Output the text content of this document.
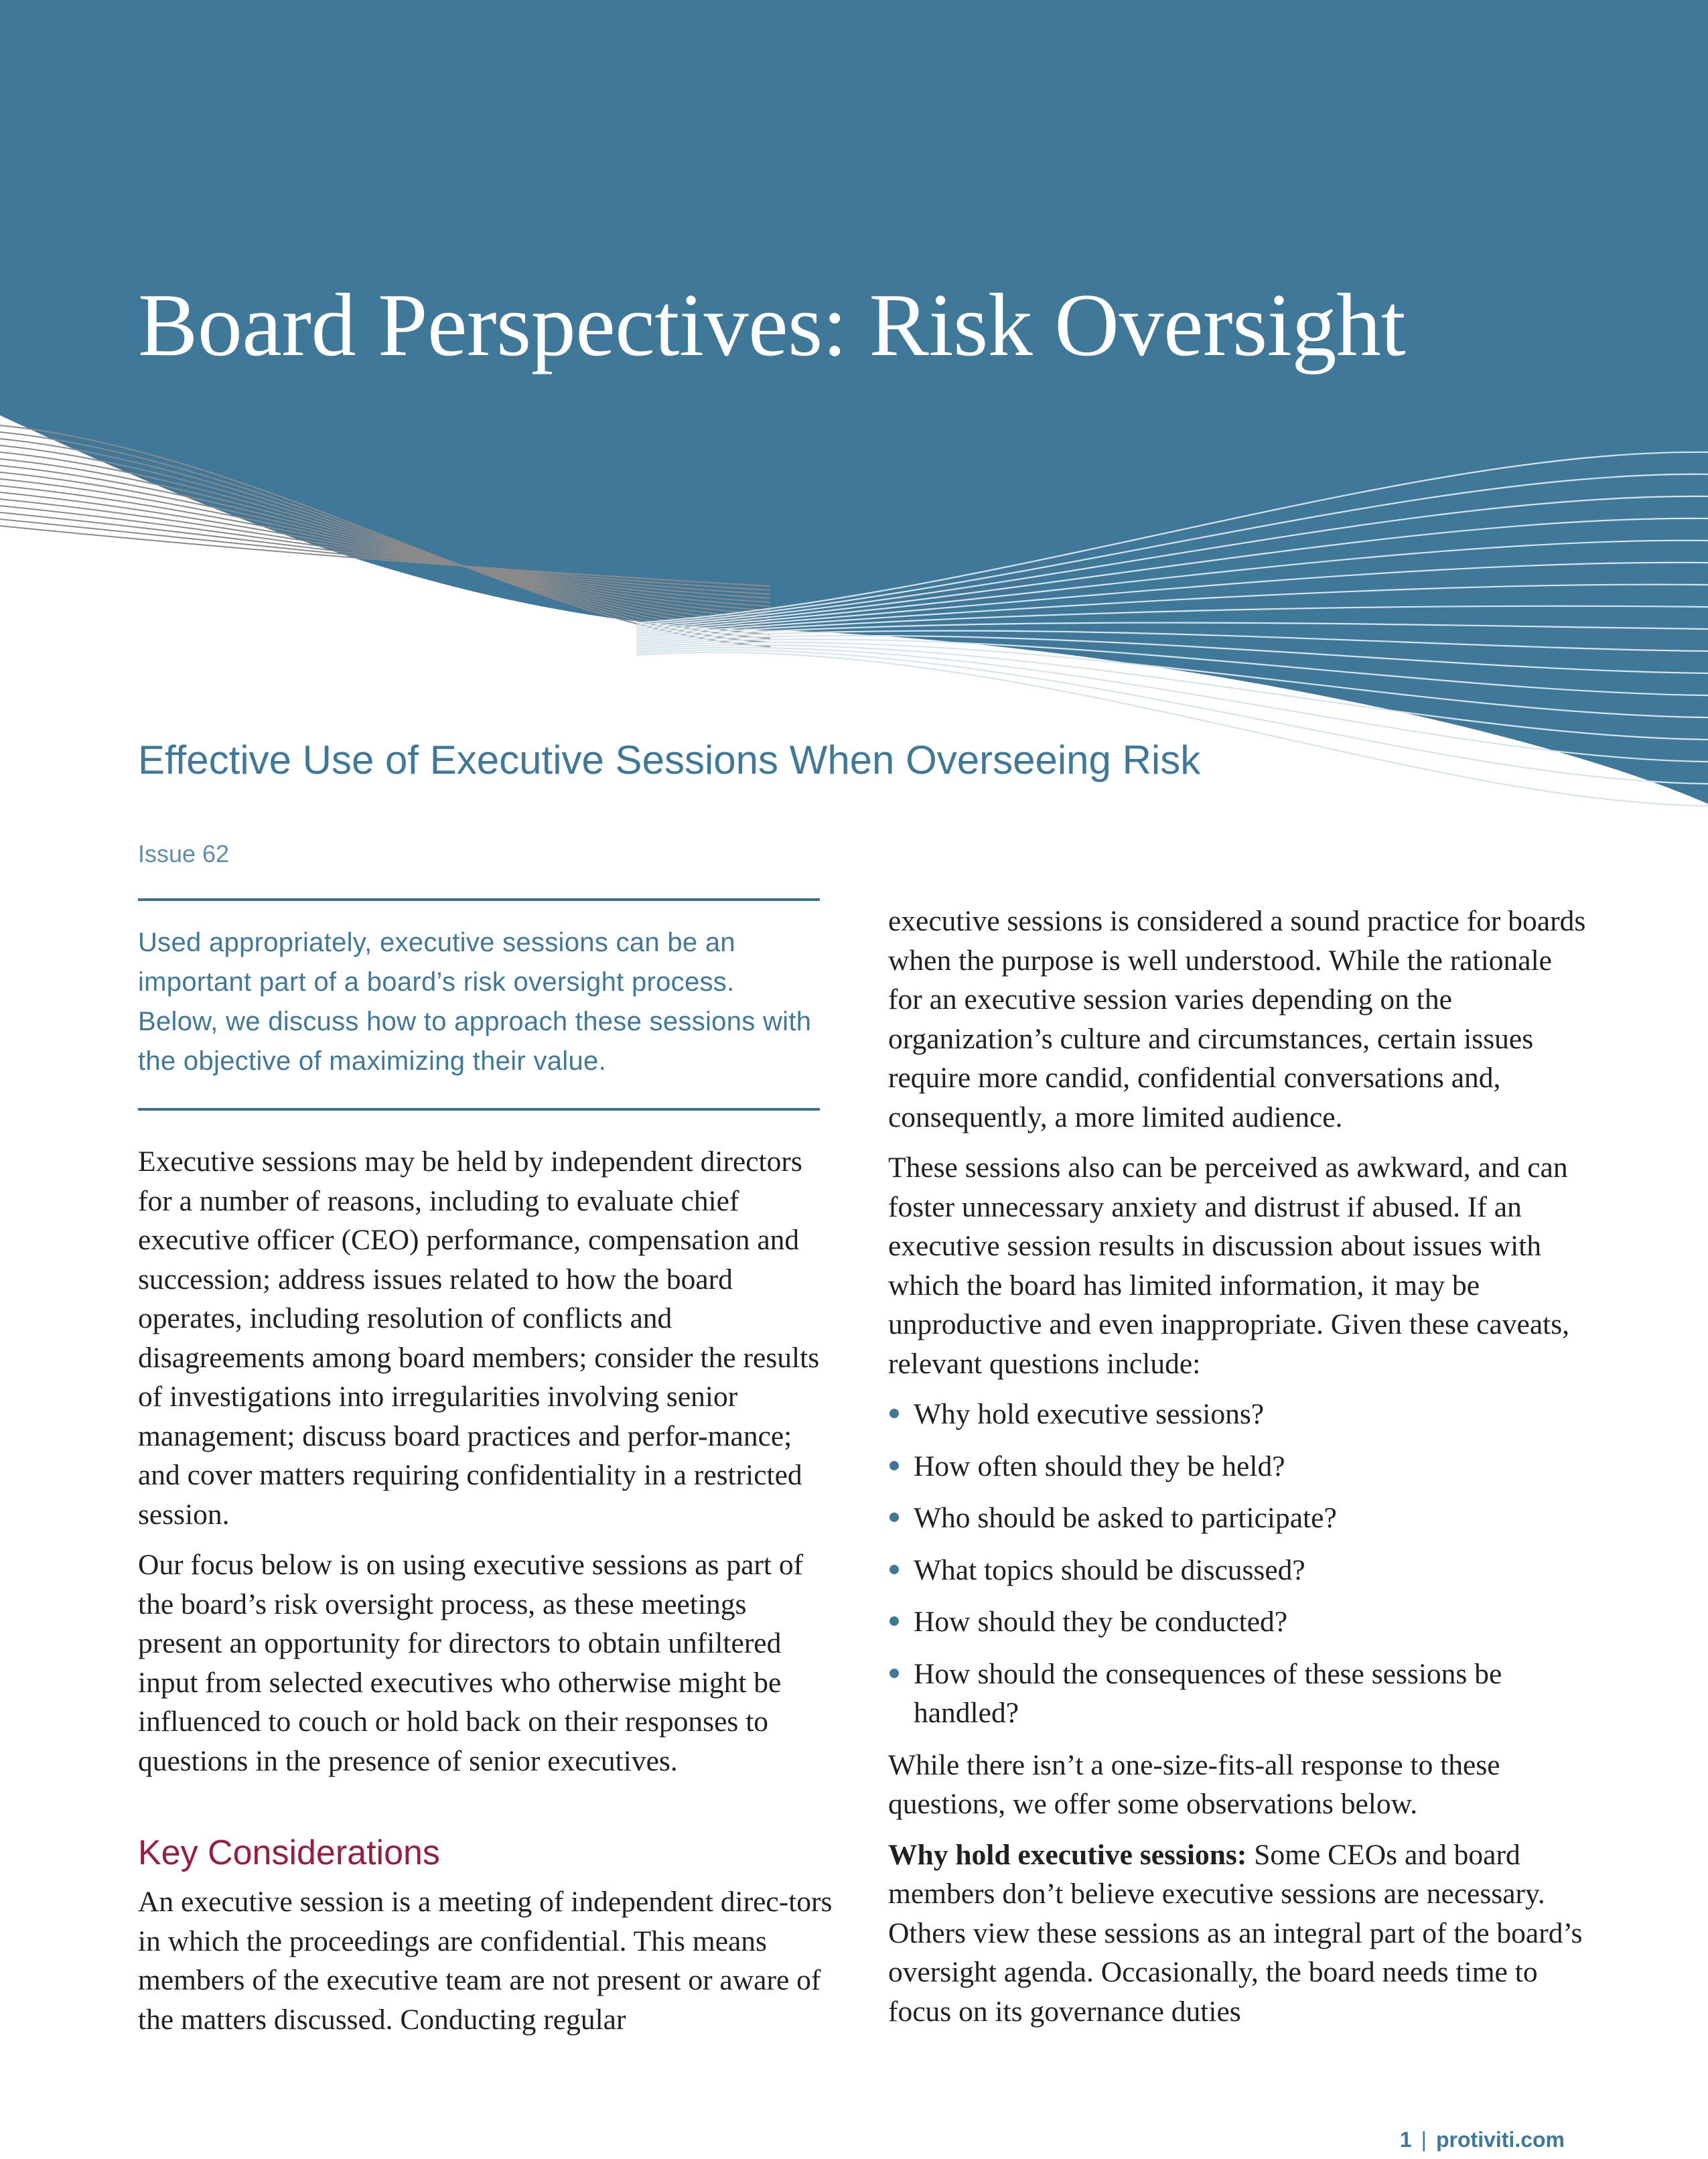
Board Perspectives: Risk Oversight
Effective Use of Executive Sessions When Overseeing Risk
Issue 62

Used appropriately, executive sessions can be an important part of a board’s risk oversight process. Below, we discuss how to approach these sessions with the objective of maximizing their value.

Executive sessions may be held by independent directors for a number of reasons, including to evaluate chief executive officer (CEO) performance, compensation and succession; address issues related to how the board operates, including resolution of conflicts and disagreements among board members; consider the results of investigations into irregularities involving senior management; discuss board practices and perfor-mance; and cover matters requiring confidentiality in a restricted session.

Our focus below is on using executive sessions as part of the board’s risk oversight process, as these meetings present an opportunity for directors to obtain unfiltered input from selected executives who otherwise might be influenced to couch or hold back on their responses to questions in the presence of senior executives.

Key Considerations

An executive session is a meeting of independent direc-tors in which the proceedings are confidential. This means members of the executive team are not present or aware of the matters discussed. Conducting regular

executive sessions is considered a sound practice for boards when the purpose is well understood. While the rationale for an executive session varies depending on the organization’s culture and circumstances, certain issues require more candid, confidential conversations and, consequently, a more limited audience.

These sessions also can be perceived as awkward, and can foster unnecessary anxiety and distrust if abused. If an executive session results in discussion about issues with which the board has limited information, it may be unproductive and even inappropriate. Given these caveats, relevant questions include:

Why hold executive sessions?
How often should they be held?
Who should be asked to participate?
What topics should be discussed?
How should they be conducted?
How should the consequences of these sessions be handled?

While there isn’t a one-size-fits-all response to these questions, we offer some observations below.

Why hold executive sessions: Some CEOs and board members don’t believe executive sessions are necessary. Others view these sessions as an integral part of the board’s oversight agenda. Occasionally, the board needs time to focus on its governance duties

1 | protiviti.com
